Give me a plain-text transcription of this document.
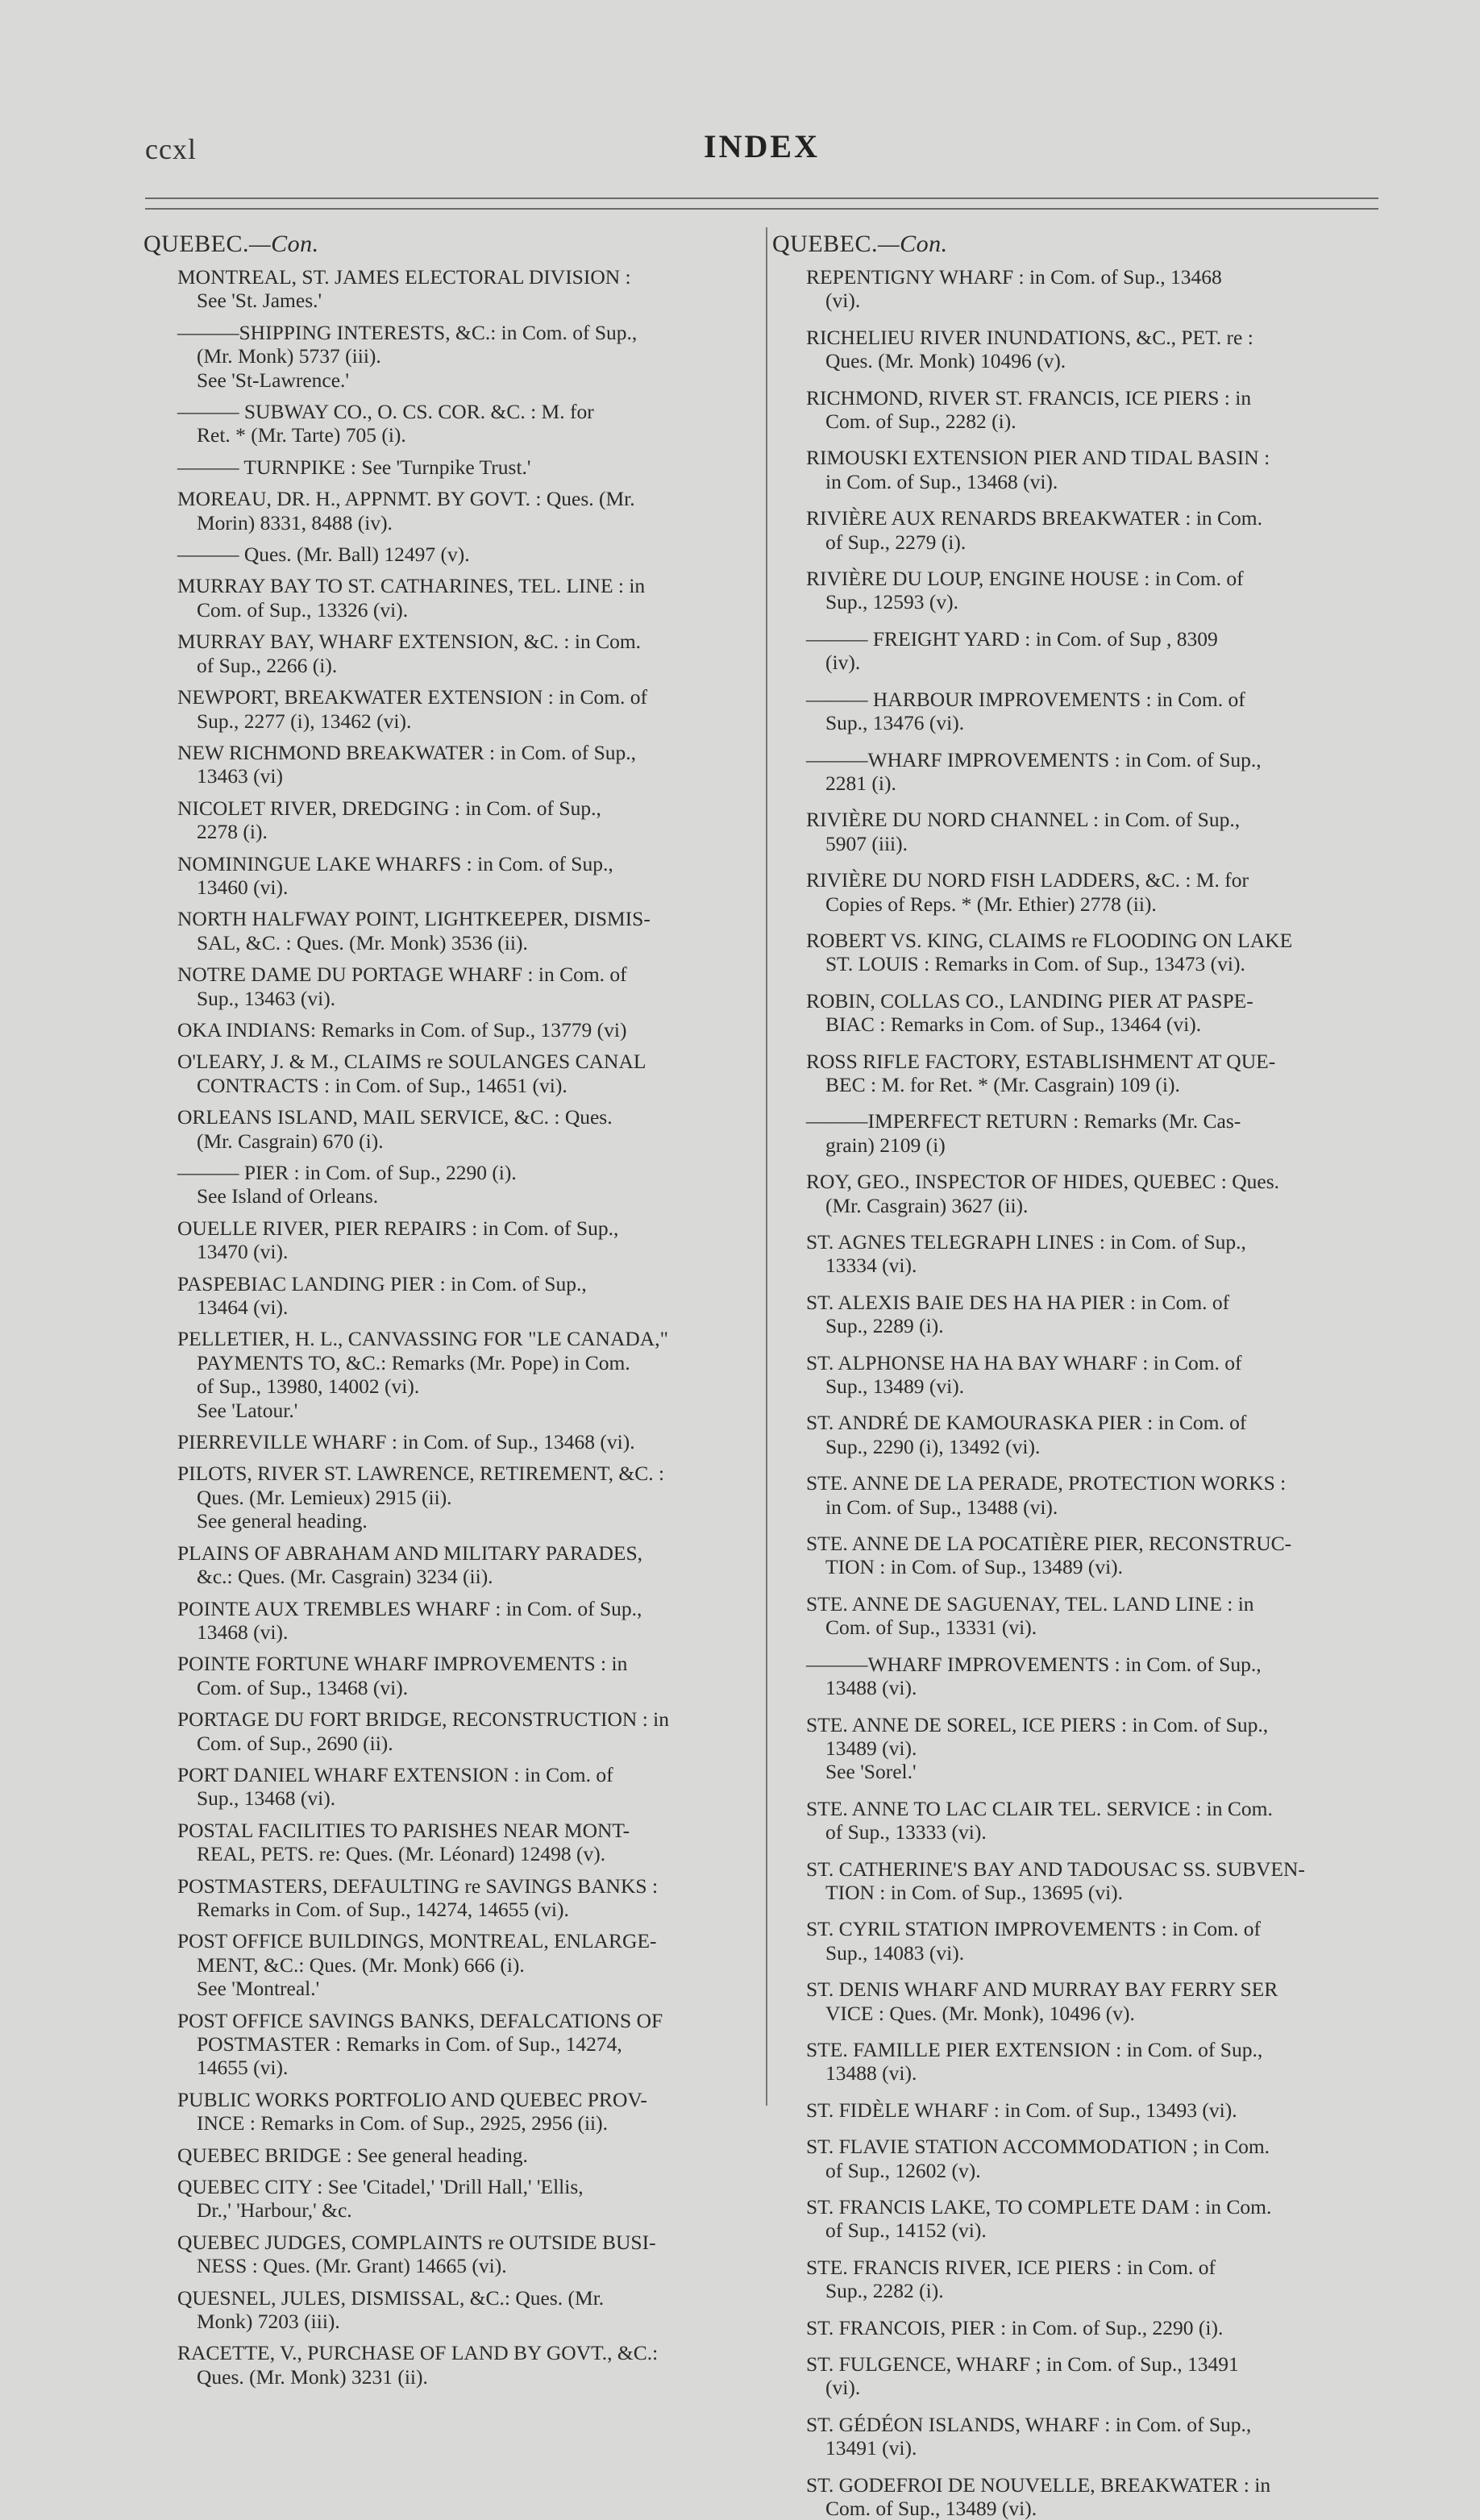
ccxl	INDEX
QUEBEC.—Con.
MONTREAL, ST. JAMES ELECTORAL DIVISION :
See 'St. James.'
———SHIPPING INTERESTS, &C.: in Com. of Sup.,
(Mr. Monk) 5737 (iii).
See 'St-Lawrence.'
——— SUBWAY CO., O. CS. COR. &C. : M. for
Ret. * (Mr. Tarte) 705 (i).
——— TURNPIKE : See 'Turnpike Trust.'
MOREAU, DR. H., APPNMT. BY GOVT. : Ques. (Mr.
Morin) 8331, 8488 (iv).
——— Ques. (Mr. Ball) 12497 (v).
MURRAY BAY TO ST. CATHARINES, TEL. LINE : in
Com. of Sup., 13326 (vi).
MURRAY BAY, WHARF EXTENSION, &C. : in Com.
of Sup., 2266 (i).
NEWPORT, BREAKWATER EXTENSION : in Com. of
Sup., 2277 (i), 13462 (vi).
NEW RICHMOND BREAKWATER : in Com. of Sup.,
13463 (vi)
NICOLET RIVER, DREDGING : in Com. of Sup.,
2278 (i).
NOMININGUE LAKE WHARFS : in Com. of Sup.,
13460 (vi).
NORTH HALFWAY POINT, LIGHTKEEPER, DISMIS-
SAL, &C. : Ques. (Mr. Monk) 3536 (ii).
NOTRE DAME DU PORTAGE WHARF : in Com. of
Sup., 13463 (vi).
OKA INDIANS: Remarks in Com. of Sup., 13779 (vi)
O'LEARY, J. & M., CLAIMS re SOULANGES CANAL
CONTRACTS : in Com. of Sup., 14651 (vi).
ORLEANS ISLAND, MAIL SERVICE, &C. : Ques.
(Mr. Casgrain) 670 (i).
——— PIER : in Com. of Sup., 2290 (i).
See Island of Orleans.
OUELLE RIVER, PIER REPAIRS : in Com. of Sup.,
13470 (vi).
PASPEBIAC LANDING PIER : in Com. of Sup.,
13464 (vi).
PELLETIER, H. L., CANVASSING FOR "LE CANADA,"
PAYMENTS TO, &C.: Remarks (Mr. Pope) in Com.
of Sup., 13980, 14002 (vi).
See 'Latour.'
PIERREVILLE WHARF : in Com. of Sup., 13468 (vi).
PILOTS, RIVER ST. LAWRENCE, RETIREMENT, &C. :
Ques. (Mr. Lemieux) 2915 (ii).
See general heading.
PLAINS OF ABRAHAM AND MILITARY PARADES,
&c.: Ques. (Mr. Casgrain) 3234 (ii).
POINTE AUX TREMBLES WHARF : in Com. of Sup.,
13468 (vi).
POINTE FORTUNE WHARF IMPROVEMENTS : in
Com. of Sup., 13468 (vi).
PORTAGE DU FORT BRIDGE, RECONSTRUCTION : in
Com. of Sup., 2690 (ii).
PORT DANIEL WHARF EXTENSION : in Com. of
Sup., 13468 (vi).
POSTAL FACILITIES TO PARISHES NEAR MONT-
REAL, PETS. re: Ques. (Mr. Léonard) 12498 (v).
POSTMASTERS, DEFAULTING re SAVINGS BANKS :
Remarks in Com. of Sup., 14274, 14655 (vi).
POST OFFICE BUILDINGS, MONTREAL, ENLARGE-
MENT, &C.: Ques. (Mr. Monk) 666 (i).
See 'Montreal.'
POST OFFICE SAVINGS BANKS, DEFALCATIONS OF
POSTMASTER : Remarks in Com. of Sup., 14274,
14655 (vi).
PUBLIC WORKS PORTFOLIO AND QUEBEC PROV-
INCE : Remarks in Com. of Sup., 2925, 2956 (ii).
QUEBEC BRIDGE : See general heading.
QUEBEC CITY : See 'Citadel,' 'Drill Hall,' 'Ellis,
Dr.,' 'Harbour,' &c.
QUEBEC JUDGES, COMPLAINTS re OUTSIDE BUSI-
NESS : Ques. (Mr. Grant) 14665 (vi).
QUESNEL, JULES, DISMISSAL, &C.: Ques. (Mr.
Monk) 7203 (iii).
RACETTE, V., PURCHASE OF LAND BY GOVT., &C.:
Ques. (Mr. Monk) 3231 (ii).
QUEBEC.—Con.
REPENTIGNY WHARF : in Com. of Sup., 13468
(vi).
RICHELIEU RIVER INUNDATIONS, &C., PET. re :
Ques. (Mr. Monk) 10496 (v).
RICHMOND, RIVER ST. FRANCIS, ICE PIERS : in
Com. of Sup., 2282 (i).
RIMOUSKI EXTENSION PIER AND TIDAL BASIN :
in Com. of Sup., 13468 (vi).
RIVIÈRE AUX RENARDS BREAKWATER : in Com.
of Sup., 2279 (i).
RIVIÈRE DU LOUP, ENGINE HOUSE : in Com. of
Sup., 12593 (v).
——— FREIGHT YARD : in Com. of Sup , 8309
(iv).
——— HARBOUR IMPROVEMENTS : in Com. of
Sup., 13476 (vi).
———WHARF IMPROVEMENTS : in Com. of Sup.,
2281 (i).
RIVIÈRE DU NORD CHANNEL : in Com. of Sup.,
5907 (iii).
RIVIÈRE DU NORD FISH LADDERS, &C. : M. for
Copies of Reps. * (Mr. Ethier) 2778 (ii).
ROBERT VS. KING, CLAIMS re FLOODING ON LAKE
ST. LOUIS : Remarks in Com. of Sup., 13473 (vi).
ROBIN, COLLAS CO., LANDING PIER AT PASPE-
BIAC : Remarks in Com. of Sup., 13464 (vi).
ROSS RIFLE FACTORY, ESTABLISHMENT AT QUE-
BEC : M. for Ret. * (Mr. Casgrain) 109 (i).
———IMPERFECT RETURN : Remarks (Mr. Cas-
grain) 2109 (i)
ROY, GEO., INSPECTOR OF HIDES, QUEBEC : Ques.
(Mr. Casgrain) 3627 (ii).
ST. AGNES TELEGRAPH LINES : in Com. of Sup.,
13334 (vi).
ST. ALEXIS BAIE DES HA HA PIER : in Com. of
Sup., 2289 (i).
ST. ALPHONSE HA HA BAY WHARF : in Com. of
Sup., 13489 (vi).
ST. ANDRÉ DE KAMOURASKA PIER : in Com. of
Sup., 2290 (i), 13492 (vi).
STE. ANNE DE LA PERADE, PROTECTION WORKS :
in Com. of Sup., 13488 (vi).
STE. ANNE DE LA POCATIÈRE PIER, RECONSTRUC-
TION : in Com. of Sup., 13489 (vi).
STE. ANNE DE SAGUENAY, TEL. LAND LINE : in
Com. of Sup., 13331 (vi).
———WHARF IMPROVEMENTS : in Com. of Sup.,
13488 (vi).
STE. ANNE DE SOREL, ICE PIERS : in Com. of Sup.,
13489 (vi).
See 'Sorel.'
STE. ANNE TO LAC CLAIR TEL. SERVICE : in Com.
of Sup., 13333 (vi).
ST. CATHERINE'S BAY AND TADOUSAC SS. SUBVEN-
TION : in Com. of Sup., 13695 (vi).
ST. CYRIL STATION IMPROVEMENTS : in Com. of
Sup., 14083 (vi).
ST. DENIS WHARF AND MURRAY BAY FERRY SER
VICE : Ques. (Mr. Monk), 10496 (v).
STE. FAMILLE PIER EXTENSION : in Com. of Sup.,
13488 (vi).
ST. FIDÈLE WHARF : in Com. of Sup., 13493 (vi).
ST. FLAVIE STATION ACCOMMODATION ; in Com.
of Sup., 12602 (v).
ST. FRANCIS LAKE, TO COMPLETE DAM : in Com.
of Sup., 14152 (vi).
STE. FRANCIS RIVER, ICE PIERS : in Com. of
Sup., 2282 (i).
ST. FRANCOIS, PIER : in Com. of Sup., 2290 (i).
ST. FULGENCE, WHARF ; in Com. of Sup., 13491
(vi).
ST. GÉDÉON ISLANDS, WHARF : in Com. of Sup.,
13491 (vi).
ST. GODEFROI DE NOUVELLE, BREAKWATER : in
Com. of Sup., 13489 (vi).
